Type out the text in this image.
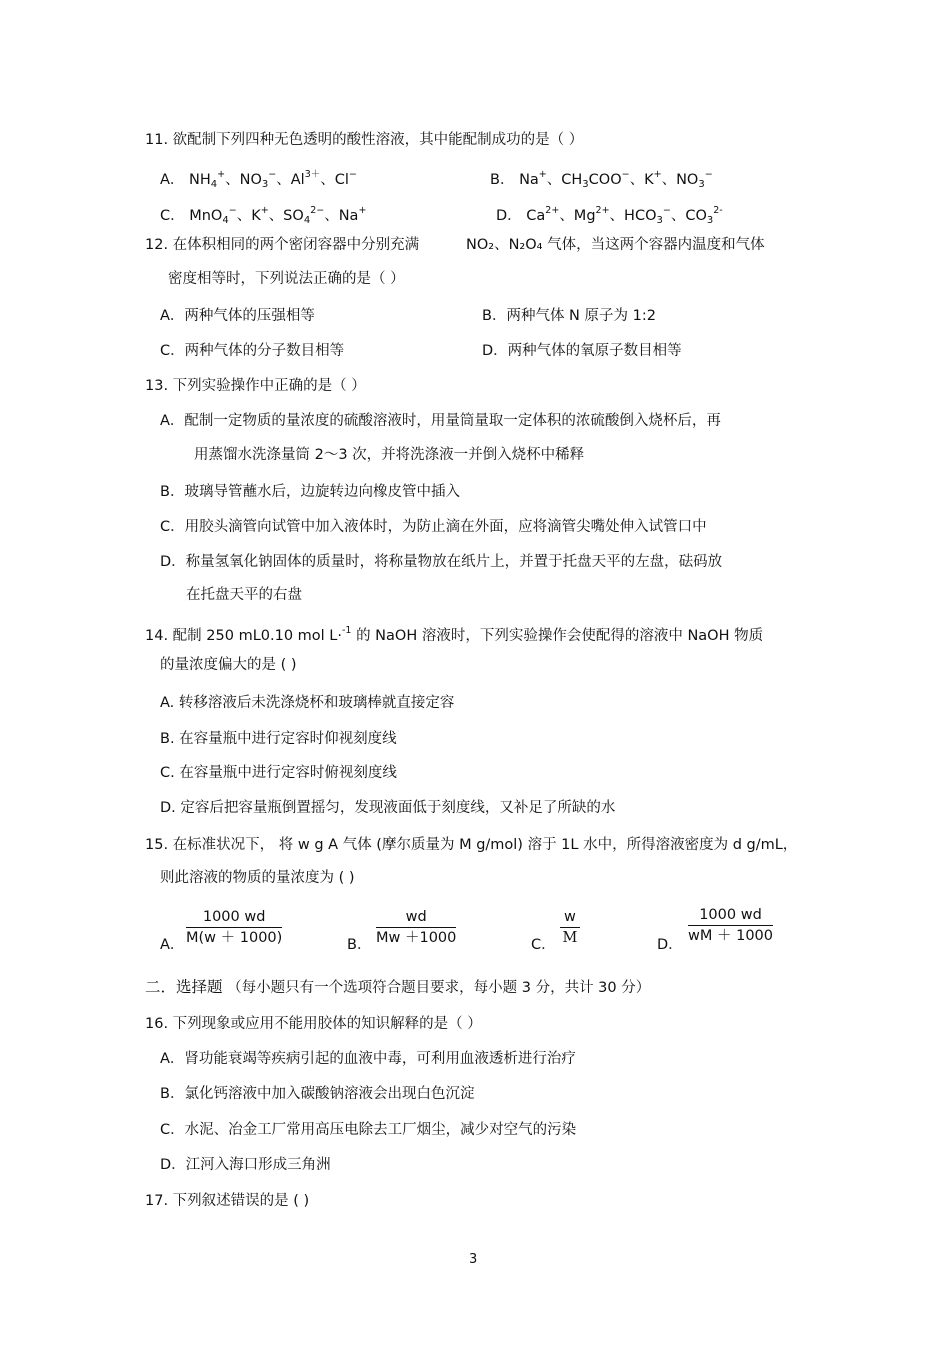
11. 欲配制下列四种无色透明的酸性溶液，其中能配制成功的是（ ）
A． $NH_4^+$、$NO_3^-$、$Al^{3+}$、Cl−	B． Na+、$CH_3COO^-$、K+、$NO_3^-$
C． MnO$_4$−、K+、$SO_4^{2-}$、Na+	D． $Ca^{2+}$、$Mg^{2+}$、$HCO_3^-$、$CO_3^{2-}$
12. 在体积相同的两个密闭容器中分别充满	NO₂、N₂O₄ 气体，当这两个容器内温度和气体
密度相等时，下列说法正确的是（ ）
A．两种气体的压强相等	B．两种气体 N 原子为 1:2
C．两种气体的分子数目相等	D．两种气体的氧原子数目相等
13. 下列实验操作中正确的是（ ）
A．配制一定物质的量浓度的硫酸溶液时，用量筒量取一定体积的浓硫酸倒入烧杯后，再
用蒸馏水洗涤量筒 2～3 次，并将洗涤液一并倒入烧杯中稀释
B．玻璃导管蘸水后，边旋转边向橡皮管中插入
C．用胶头滴管向试管中加入液体时，为防止滴在外面，应将滴管尖嘴处伸入试管口中
D．称量氢氧化钠固体的质量时，将称量物放在纸片上，并置于托盘天平的左盘，砝码放
在托盘天平的右盘
14. 配制 250 mL0.10 mol L·$^{-1}$ 的 NaOH 溶液时，下列实验操作会使配得的溶液中 NaOH 物质
的量浓度偏大的是 ( )
A. 转移溶液后未洗涤烧杯和玻璃棒就直接定容
B. 在容量瓶中进行定容时仰视刻度线
C. 在容量瓶中进行定容时俯视刻度线
D. 定容后把容量瓶倒置摇匀，发现液面低于刻度线，又补足了所缺的水
15. 在标准状况下， 将 w g A 气体 (摩尔质量为 M g/mol) 溶于 1L 水中，所得溶液密度为 d g/mL，
则此溶液的物质的量浓度为 ( )
A． $\frac{1000 wd}{M(w + 1000)}$	B． $\frac{wd}{Mw +1000}$	C． $\frac{w}{M}$	D． $\frac{1000 wd}{wM + 1000}$
二．选择题 （每小题只有一个选项符合题目要求，每小题 3 分，共计 30 分）
16. 下列现象或应用不能用胶体的知识解释的是（ ）
A．肾功能衰竭等疾病引起的血液中毒，可利用血液透析进行治疗
B．氯化钙溶液中加入碳酸钠溶液会出现白色沉淀
C．水泥、冶金工厂常用高压电除去工厂烟尘，减少对空气的污染
D．江河入海口形成三角洲
17. 下列叙述错误的是 ( )
3
